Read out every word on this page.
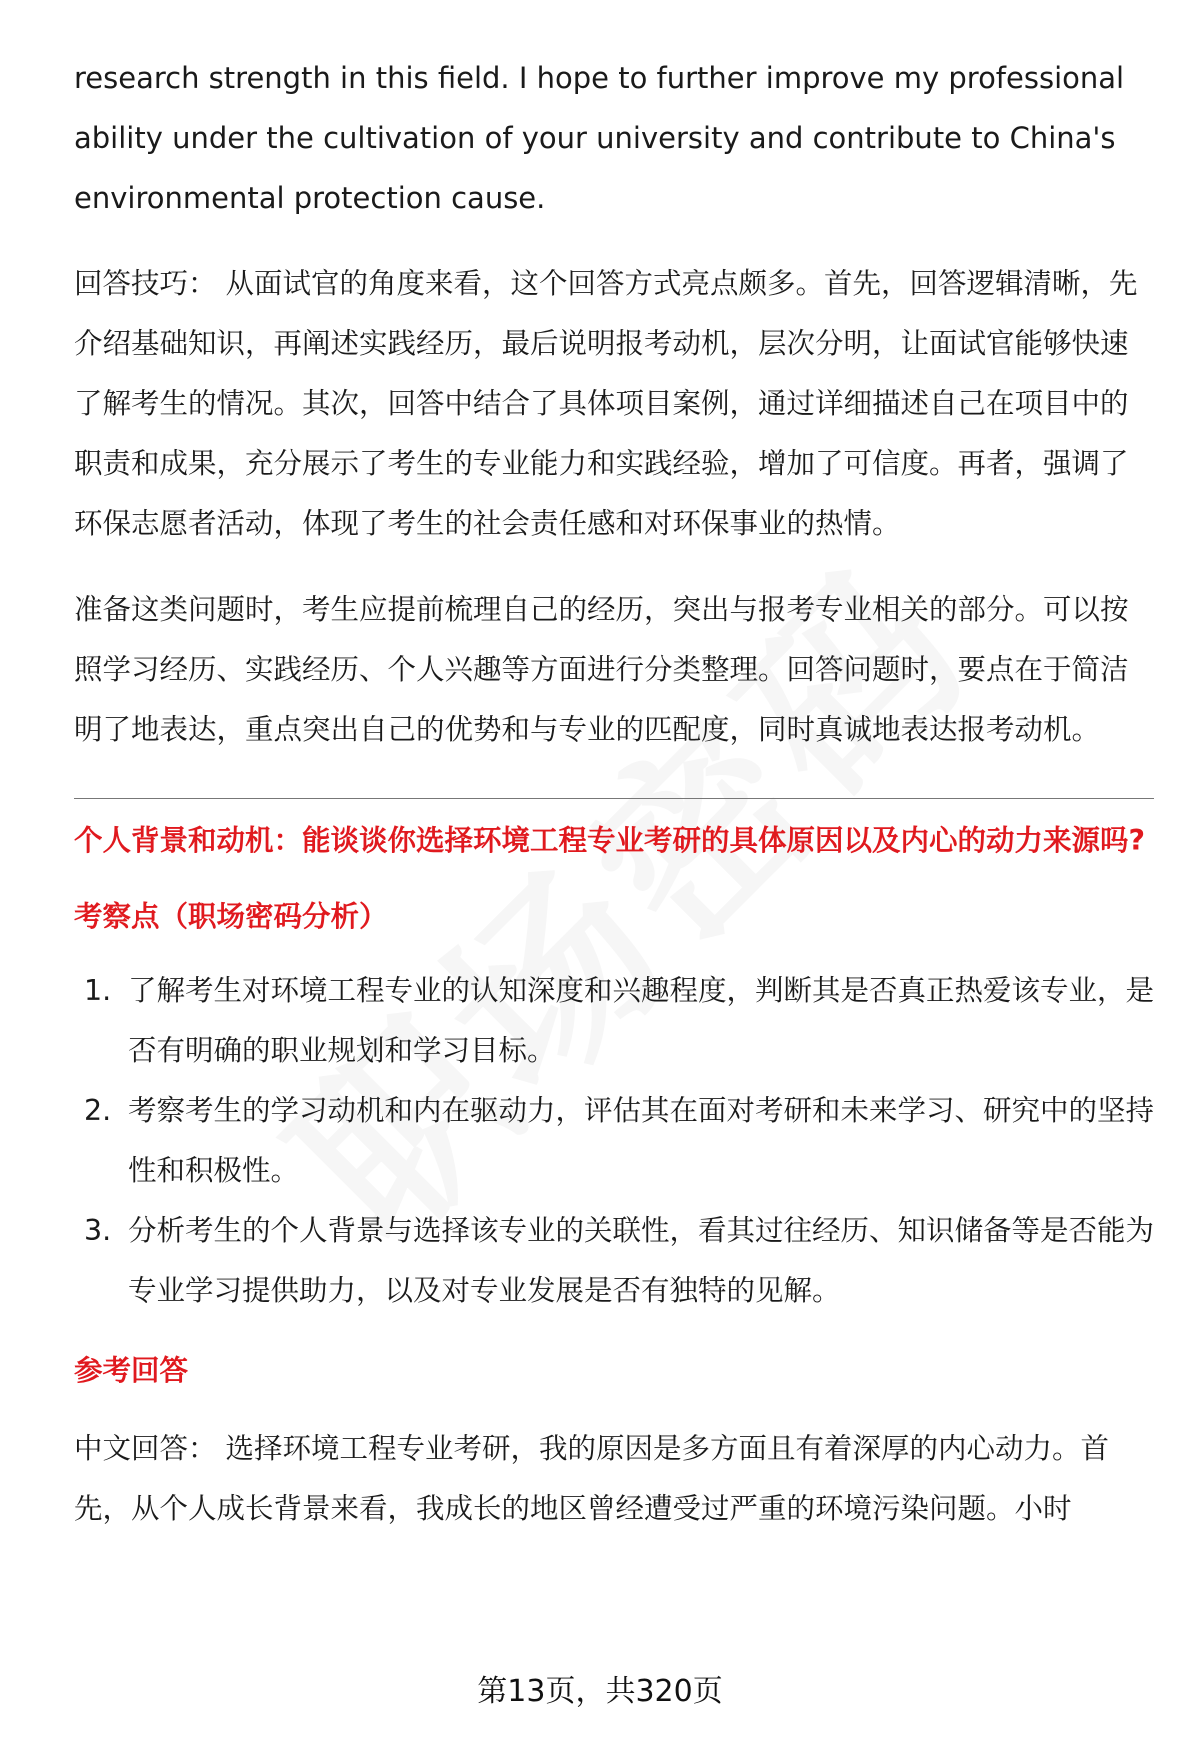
research strength in this field. I hope to further improve my professional ability under the cultivation of your university and contribute to China's environmental protection cause.

回答技巧： 从面试官的角度来看，这个回答方式亮点颇多。首先，回答逻辑清晰，先介绍基础知识，再阐述实践经历，最后说明报考动机，层次分明，让面试官能够快速了解考生的情况。其次，回答中结合了具体项目案例，通过详细描述自己在项目中的职责和成果，充分展示了考生的专业能力和实践经验，增加了可信度。再者，强调了环保志愿者活动，体现了考生的社会责任感和对环保事业的热情。

准备这类问题时，考生应提前梳理自己的经历，突出与报考专业相关的部分。可以按照学习经历、实践经历、个人兴趣等方面进行分类整理。回答问题时，要点在于简洁明了地表达，重点突出自己的优势和与专业的匹配度，同时真诚地表达报考动机。

个人背景和动机：能谈谈你选择环境工程专业考研的具体原因以及内心的动力来源吗?
考察点（职场密码分析）
1. 了解考生对环境工程专业的认知深度和兴趣程度，判断其是否真正热爱该专业，是否有明确的职业规划和学习目标。
2. 考察考生的学习动机和内在驱动力，评估其在面对考研和未来学习、研究中的坚持性和积极性。
3. 分析考生的个人背景与选择该专业的关联性，看其过往经历、知识储备等是否能为专业学习提供助力，以及对专业发展是否有独特的见解。
参考回答

中文回答： 选择环境工程专业考研，我的原因是多方面且有着深厚的内心动力。首先，从个人成长背景来看，我成长的地区曾经遭受过严重的环境污染问题。小时

第13页，共320页
